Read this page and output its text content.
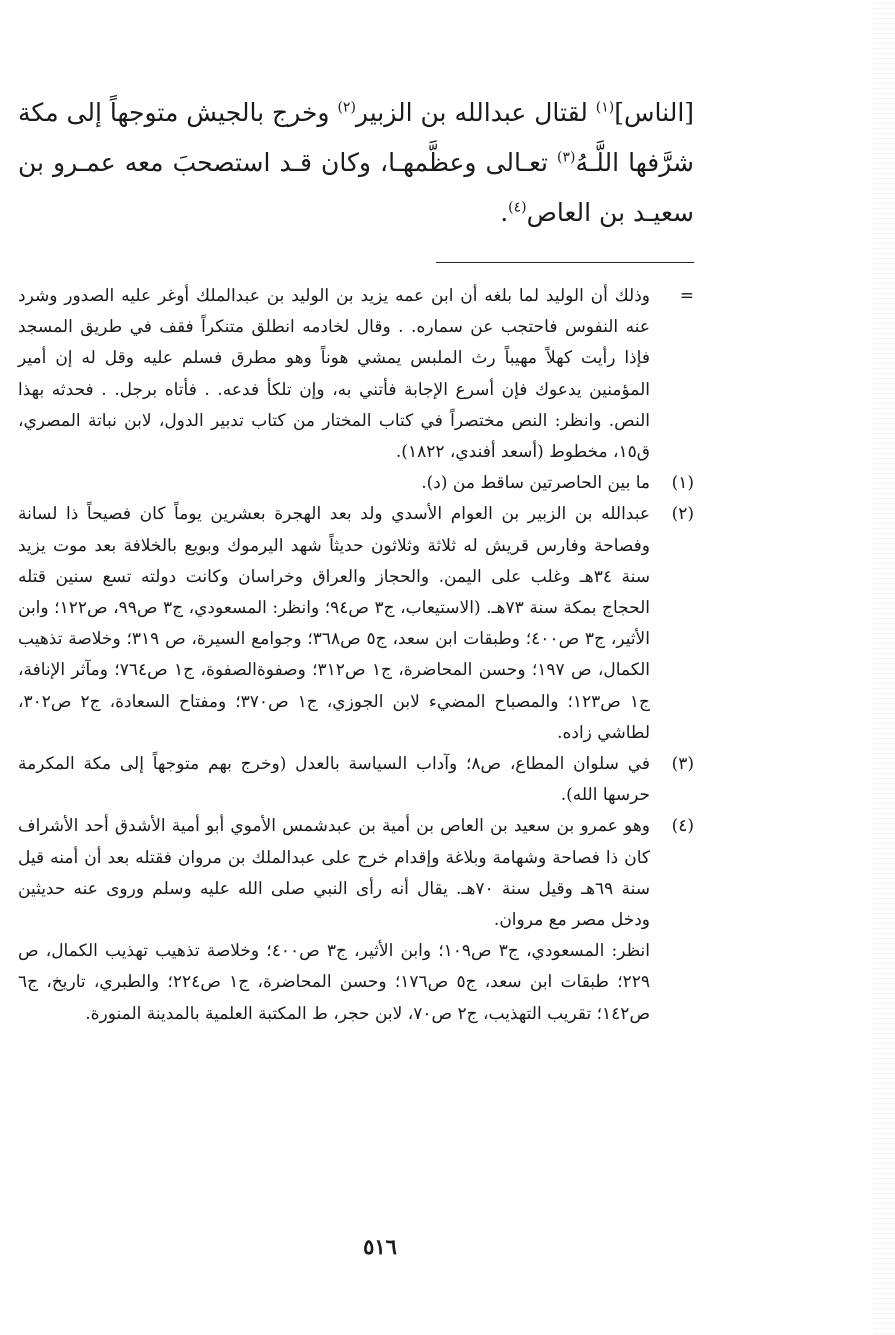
[الناس]$^{(١)}$ لقتال عبدالله بن الزبير$^{(٢)}$ وخرج بالجيش متوجهاً إلى مكة شرَّفها اللَّـهُ$^{(٣)}$ تعـالى وعظَّمهـا، وكان قـد استصحبَ معه عمـرو بن سعيـد بن العاص$^{(٤)}$.
=

وذلك أن الوليد لما بلغه أن ابن عمه يزيد بن الوليد بن عبدالملك أوغر عليه الصدور وشرد عنه النفوس فاحتجب عن سماره. . وقال لخادمه انطلق متنكراً فقف في طريق المسجد فإذا رأيت كهلاً مهيباً رث الملبس يمشي هوناً وهو مطرق فسلم عليه وقل له إن أمير المؤمنين يدعوك فإن أسرع الإجابة فأتني به، وإن تلكأ فدعه. . فأتاه برجل. . فحدثه بهذا النص. وانظر: النص مختصراً في كتاب المختار من كتاب تدبير الدول، لابن نباتة المصري، ق١٥، مخطوط (أسعد أفندي، ١٨٢٢).

(١)

ما بين الحاصرتين ساقط من (د).

(٢)

عبدالله بن الزبير بن العوام الأسدي ولد بعد الهجرة بعشرين يوماً كان فصيحاً ذا لسانة وفصاحة وفارس قريش له ثلاثة وثلاثون حديثاً شهد اليرموك وبويع بالخلافة بعد موت يزيد سنة ٣٤هـ وغلب على اليمن. والحجاز والعراق وخراسان وكانت دولته تسع سنين قتله الحجاج بمكة سنة ٧٣هـ. (الاستيعاب، ج٣ ص٩٤؛ وانظر: المسعودي، ج٣ ص٩٩، ص١٢٢؛ وابن الأثير، ج٣ ص٤٠٠؛ وطبقات ابن سعد، ج٥ ص٣٦٨؛ وجوامع السيرة، ص ٣١٩؛ وخلاصة تذهيب الكمال، ص ١٩٧؛ وحسن المحاضرة، ج١ ص٣١٢؛ وصفوةالصفوة، ج١ ص٧٦٤؛ ومآثر الإنافة، ج١ ص١٢٣؛ والمصباح المضيء لابن الجوزي، ج١ ص٣٧٠؛ ومفتاح السعادة، ج٢ ص٣٠٢، لطاشي زاده.

(٣)

في سلوان المطاع، ص٨؛ وآداب السياسة بالعدل (وخرج بهم متوجهاً إلى مكة المكرمة حرسها الله).

(٤)

وهو عمرو بن سعيد بن العاص بن أمية بن عبدشمس الأموي أبو أمية الأشدق أحد الأشراف كان ذا فصاحة وشهامة وبلاغة وإقدام خرج على عبدالملك بن مروان فقتله بعد أن أمنه قيل سنة ٦٩هـ وقيل سنة ٧٠هـ. يقال أنه رأى النبي صلى الله عليه وسلم وروى عنه حديثين ودخل مصر مع مروان.

انظر: المسعودي، ج٣ ص١٠٩؛ وابن الأثير، ج٣ ص٤٠٠؛ وخلاصة تذهيب تهذيب الكمال، ص ٢٢٩؛ طبقات ابن سعد، ج٥ ص١٧٦؛ وحسن المحاضرة، ج١ ص٢٢٤؛ والطبري، تاريخ، ج٦ ص١٤٢؛ تقريب التهذيب، ج٢ ص٧٠، لابن حجر، ط المكتبة العلمية بالمدينة المنورة.

٥١٦
